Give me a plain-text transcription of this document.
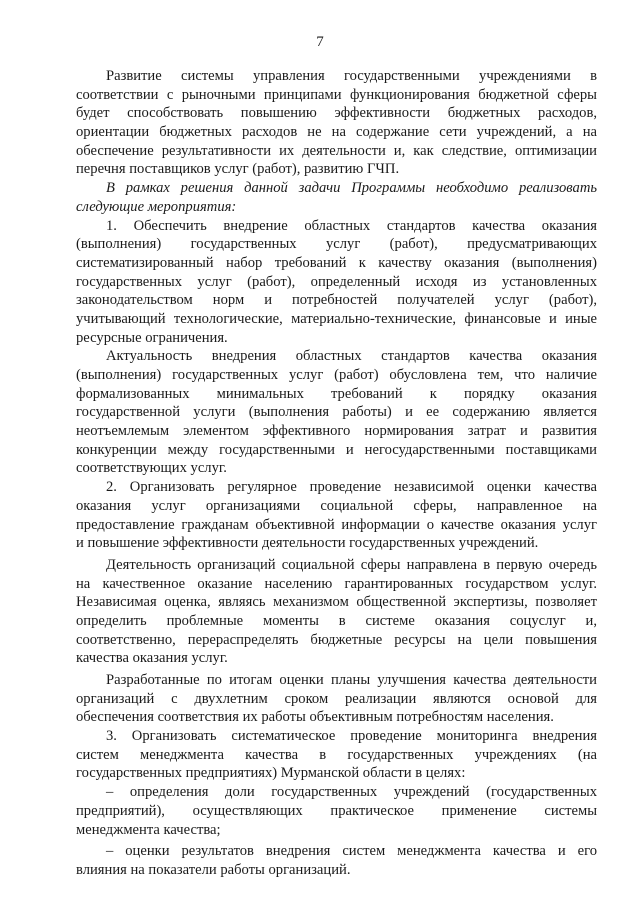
7
Развитие системы управления государственными учреждениями в
соответствии с рыночными принципами функционирования бюджетной сферы
будет способствовать повышению эффективности бюджетных расходов,
ориентации бюджетных расходов не на содержание сети учреждений, а на
обеспечение результативности их деятельности и, как следствие, оптимизации
перечня поставщиков услуг (работ), развитию ГЧП.
В рамках решения данной задачи Программы необходимо реализовать
следующие мероприятия:
1. Обеспечить внедрение областных стандартов качества оказания
(выполнения) государственных услуг (работ), предусматривающих
систематизированный набор требований к качеству оказания (выполнения)
государственных услуг (работ), определенный исходя из установленных
законодательством норм и потребностей получателей услуг (работ),
учитывающий технологические, материально-технические, финансовые и иные
ресурсные ограничения.
Актуальность внедрения областных стандартов качества оказания
(выполнения) государственных услуг (работ) обусловлена тем, что наличие
формализованных минимальных требований к порядку оказания
государственной услуги (выполнения работы) и ее содержанию является
неотъемлемым элементом эффективного нормирования затрат и развития
конкуренции между государственными и негосударственными поставщиками
соответствующих услуг.
2. Организовать регулярное проведение независимой оценки качества
оказания услуг организациями социальной сферы, направленное на
предоставление гражданам объективной информации о качестве оказания услуг
и повышение эффективности деятельности государственных учреждений.
Деятельность организаций социальной сферы направлена в первую очередь
на качественное оказание населению гарантированных государством услуг.
Независимая оценка, являясь механизмом общественной экспертизы, позволяет
определить проблемные моменты в системе оказания соцуслуг и,
соответственно, перераспределять бюджетные ресурсы на цели повышения
качества оказания услуг.
Разработанные по итогам оценки планы улучшения качества деятельности
организаций с двухлетним сроком реализации являются основой для
обеспечения соответствия их работы объективным потребностям населения.
3. Организовать систематическое проведение мониторинга внедрения
систем менеджмента качества в государственных учреждениях (на
государственных предприятиях) Мурманской области в целях:
– определения доли государственных учреждений (государственных
предприятий), осуществляющих практическое применение системы
менеджмента качества;
– оценки результатов внедрения систем менеджмента качества и его
влияния на показатели работы организаций.
